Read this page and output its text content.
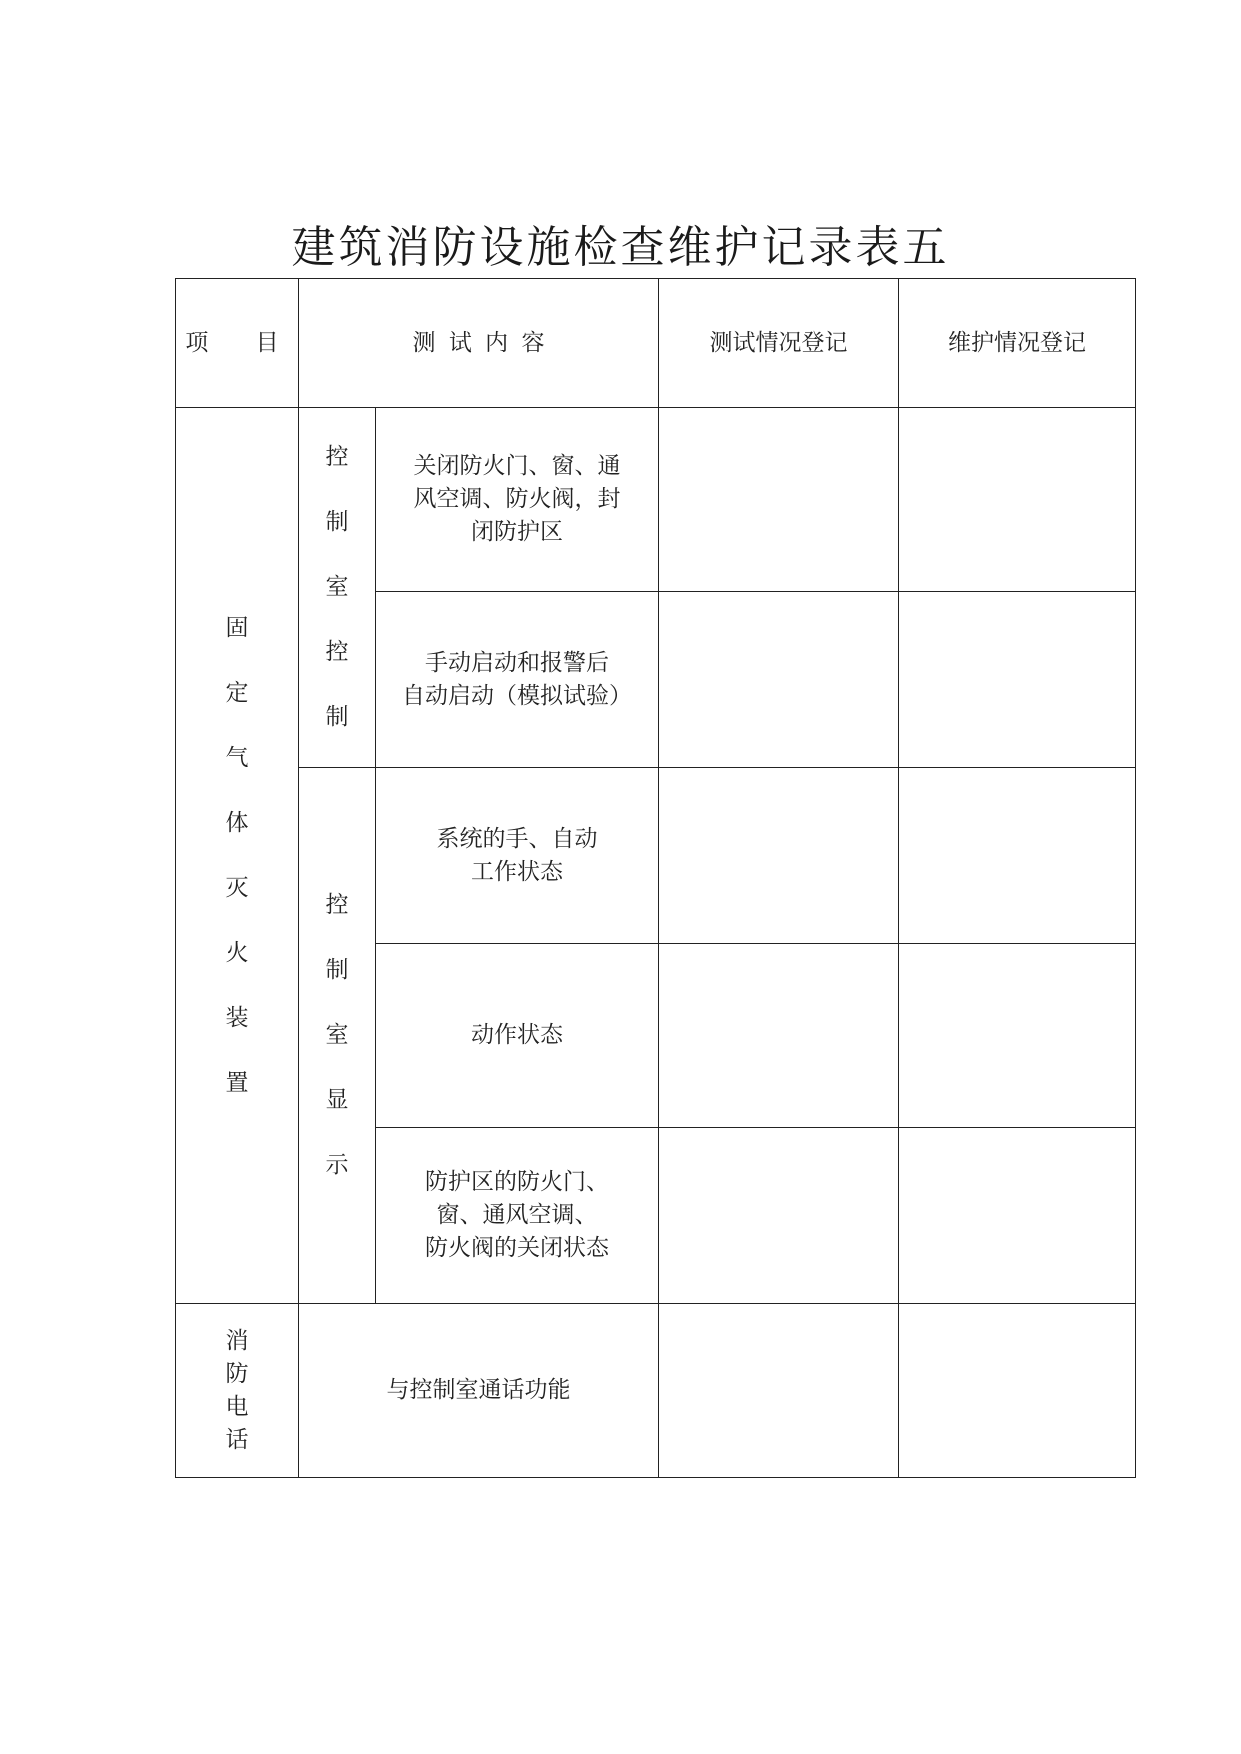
建筑消防设施检查维护记录表五
项 目	测 试 内 容		测试情况登记	维护情况登记
固定气体灭火装置	控制室控制	关闭防火门、窗、通
风空调、防火阀，封
闭防护区		
		手动启动和报警后
自动启动（模拟试验）		
	控制室显示	系统的手、自动
工作状态		
		动作状态		
		防护区的防火门、
窗、通风空调、
防火阀的关闭状态		
消防电话	与控制室通话功能			
